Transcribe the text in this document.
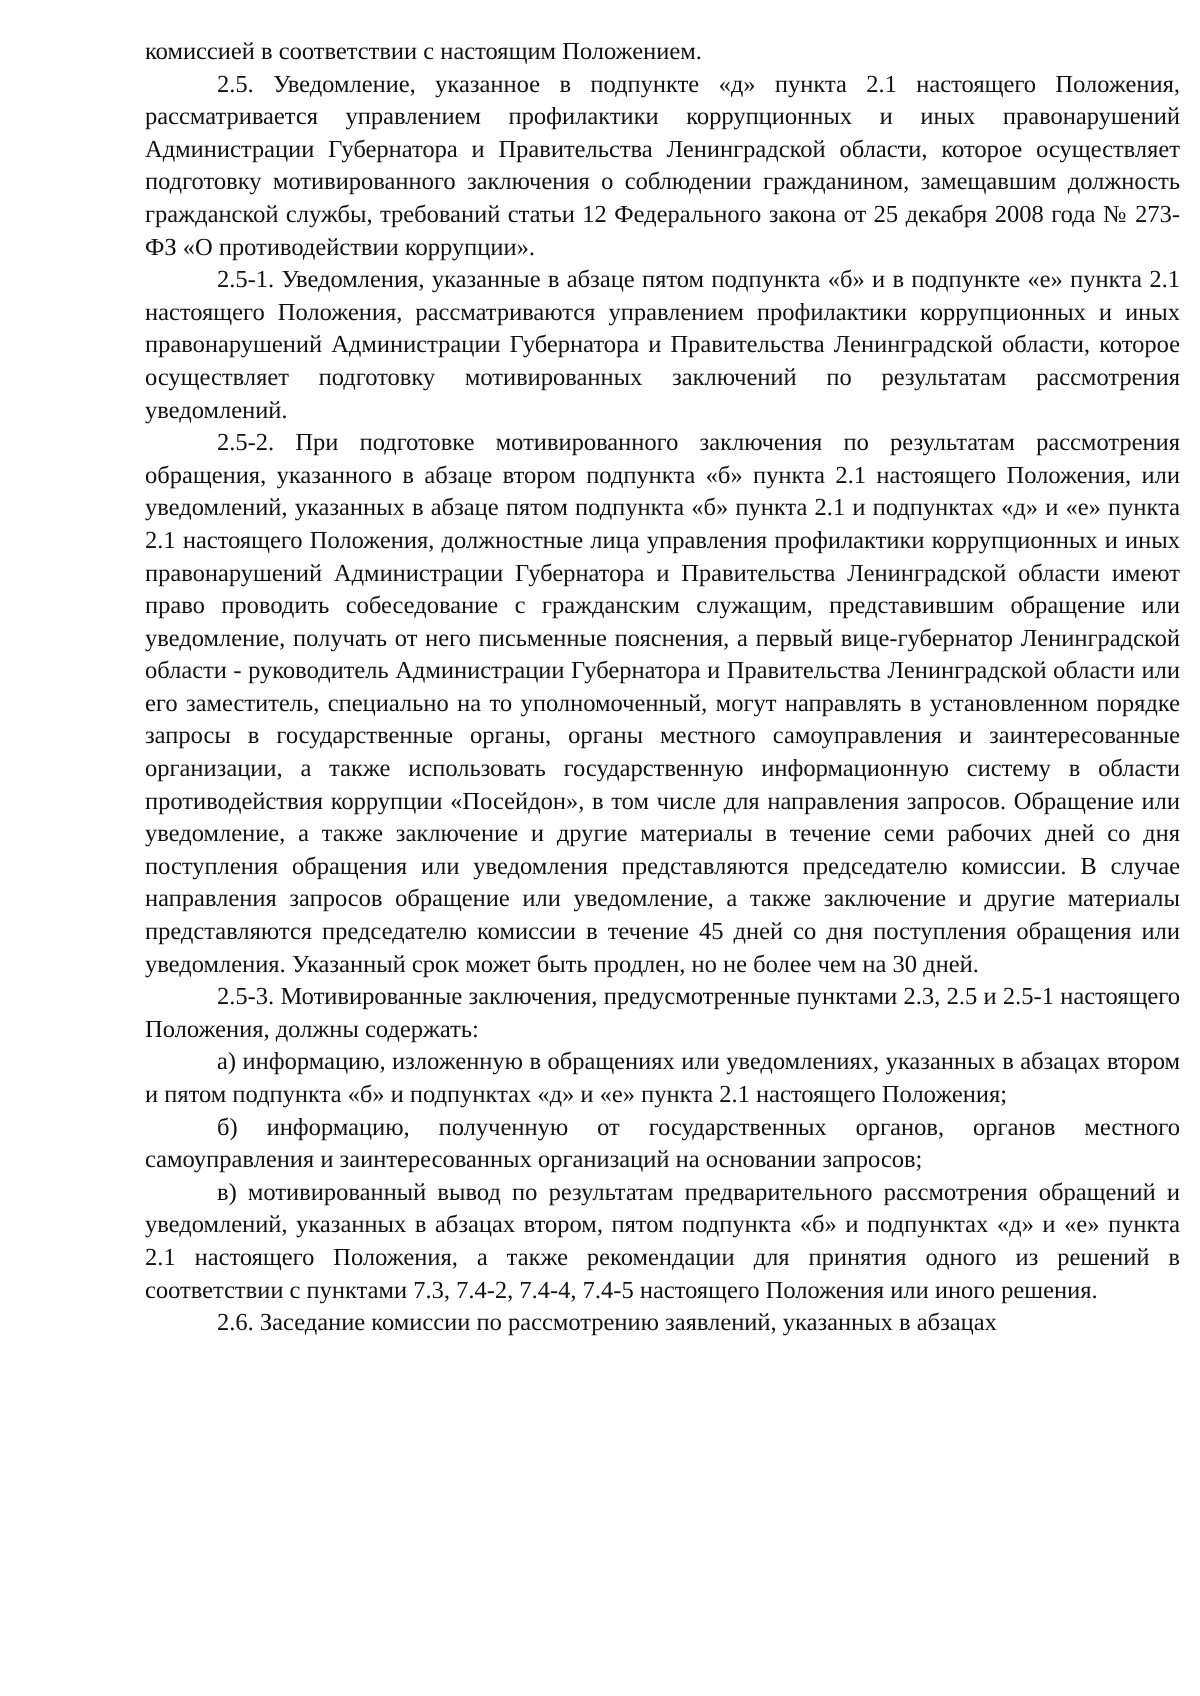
комиссией в соответствии с настоящим Положением.

2.5. Уведомление, указанное в подпункте «д» пункта 2.1 настоящего Положения, рассматривается управлением профилактики коррупционных и иных правонарушений Администрации Губернатора и Правительства Ленинградской области, которое осуществляет подготовку мотивированного заключения о соблюдении гражданином, замещавшим должность гражданской службы, требований статьи 12 Федерального закона от 25 декабря 2008 года № 273-ФЗ «О противодействии коррупции».

2.5-1. Уведомления, указанные в абзаце пятом подпункта «б» и в подпункте «е» пункта 2.1 настоящего Положения, рассматриваются управлением профилактики коррупционных и иных правонарушений Администрации Губернатора и Правительства Ленинградской области, которое осуществляет подготовку мотивированных заключений по результатам рассмотрения уведомлений.

2.5-2. При подготовке мотивированного заключения по результатам рассмотрения обращения, указанного в абзаце втором подпункта «б» пункта 2.1 настоящего Положения, или уведомлений, указанных в абзаце пятом подпункта «б» пункта 2.1 и подпунктах «д» и «е» пункта 2.1 настоящего Положения, должностные лица управления профилактики коррупционных и иных правонарушений Администрации Губернатора и Правительства Ленинградской области имеют право проводить собеседование с гражданским служащим, представившим обращение или уведомление, получать от него письменные пояснения, а первый вице-губернатор Ленинградской области - руководитель Администрации Губернатора и Правительства Ленинградской области или его заместитель, специально на то уполномоченный, могут направлять в установленном порядке запросы в государственные органы, органы местного самоуправления и заинтересованные организации, а также использовать государственную информационную систему в области противодействия коррупции «Посейдон», в том числе для направления запросов. Обращение или уведомление, а также заключение и другие материалы в течение семи рабочих дней со дня поступления обращения или уведомления представляются председателю комиссии. В случае направления запросов обращение или уведомление, а также заключение и другие материалы представляются председателю комиссии в течение 45 дней со дня поступления обращения или уведомления. Указанный срок может быть продлен, но не более чем на 30 дней.

2.5-3. Мотивированные заключения, предусмотренные пунктами 2.3, 2.5 и 2.5-1 настоящего Положения, должны содержать:

а) информацию, изложенную в обращениях или уведомлениях, указанных в абзацах втором и пятом подпункта «б» и подпунктах «д» и «е» пункта 2.1 настоящего Положения;

б) информацию, полученную от государственных органов, органов местного самоуправления и заинтересованных организаций на основании запросов;

в) мотивированный вывод по результатам предварительного рассмотрения обращений и уведомлений, указанных в абзацах втором, пятом подпункта «б» и подпунктах «д» и «е» пункта 2.1 настоящего Положения, а также рекомендации для принятия одного из решений в соответствии с пунктами 7.3, 7.4-2, 7.4-4, 7.4-5 настоящего Положения или иного решения.

2.6. Заседание комиссии по рассмотрению заявлений, указанных в абзацах
